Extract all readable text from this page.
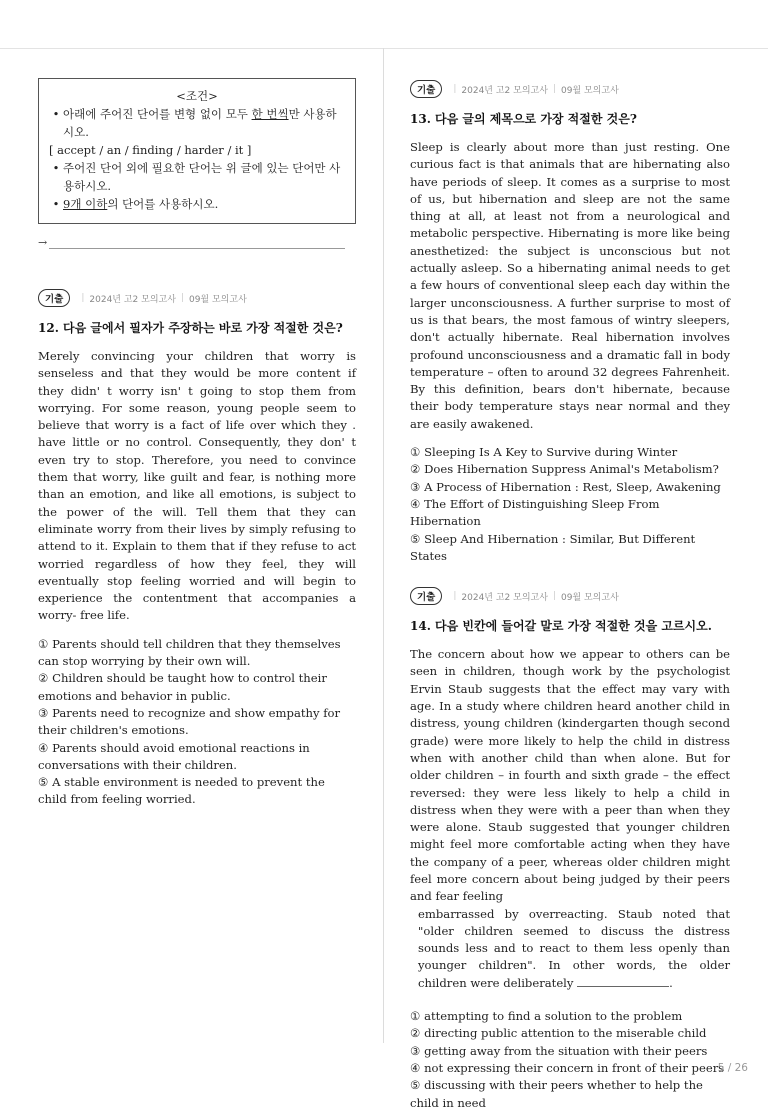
<조건>
• 아래에 주어진 단어를 변형 없이 모두 한 번씩만 사용하시오.
[ accept / an / finding / harder / it ]
• 주어진 단어 외에 필요한 단어는 위 글에 있는 단어만 사용하시오.
• 9개 이하의 단어를 사용하시오.
→
기출	| 2024년 고2 모의고사 | 09월 모의고사
12. 다음 글에서 필자가 주장하는 바로 가장 적절한 것은?

Merely convincing your children that worry is senseless and that they would be more content if they didn' t worry isn' t going to stop them from worrying. For some reason, young people seem to believe that worry is a fact of life over which they . have little or no control. Consequently, they don' t even try to stop. Therefore, you need to convince them that worry, like guilt and fear, is nothing more than an emotion, and like all emotions, is subject to the power of the will. Tell them that they can eliminate worry from their lives by simply refusing to attend to it. Explain to them that if they refuse to act worried regardless of how they feel, they will eventually stop feeling worried and will begin to experience the contentment that accompanies a worry- free life.

① Parents should tell children that they themselves can stop worrying by their own will.
② Children should be taught how to control their emotions and behavior in public.
③ Parents need to recognize and show empathy for their children's emotions.
④ Parents should avoid emotional reactions in conversations with their children.
⑤ A stable environment is needed to prevent the child from feeling worried.
기출	| 2024년 고2 모의고사 | 09월 모의고사
13. 다음 글의 제목으로 가장 적절한 것은?

Sleep is clearly about more than just resting. One curious fact is that animals that are hibernating also have periods of sleep. It comes as a surprise to most of us, but hibernation and sleep are not the same thing at all, at least not from a neurological and metabolic perspective. Hibernating is more like being anesthetized: the subject is unconscious but not actually asleep. So a hibernating animal needs to get a few hours of conventional sleep each day within the larger unconsciousness. A further surprise to most of us is that bears, the most famous of wintry sleepers, don't actually hibernate. Real hibernation involves profound unconsciousness and a dramatic fall in body temperature – often to around 32 degrees Fahrenheit. By this definition, bears don't hibernate, because their body temperature stays near normal and they are easily awakened.

① Sleeping Is A Key to Survive during Winter
② Does Hibernation Suppress Animal's Metabolism?
③ A Process of Hibernation : Rest, Sleep, Awakening
④ The Effort of Distinguishing Sleep From Hibernation
⑤ Sleep And Hibernation : Similar, But Different States
기출	| 2024년 고2 모의고사 | 09월 모의고사
14. 다음 빈칸에 들어갈 말로 가장 적절한 것을 고르시오.

The concern about how we appear to others can be seen in children, though work by the psychologist Ervin Staub suggests that the effect may vary with age. In a study where children heard another child in distress, young children (kindergarten though second grade) were more likely to help the child in distress when with another child than when alone. But for older children – in fourth and sixth grade – the effect reversed: they were less likely to help a child in distress when they were with a peer than when they were alone. Staub suggested that younger children might feel more comfortable acting when they have the company of a peer, whereas older children might feel more concern about being judged by their peers and fear feeling

embarrassed by overreacting. Staub noted that "older children seemed to discuss the distress sounds less and to react to them less openly than younger children". In other words, the older children were deliberately	.

① attempting to find a solution to the problem
② directing public attention to the miserable child
③ getting away from the situation with their peers
④ not expressing their concern in front of their peers
⑤ discussing with their peers whether to help the child in need
5 / 26
